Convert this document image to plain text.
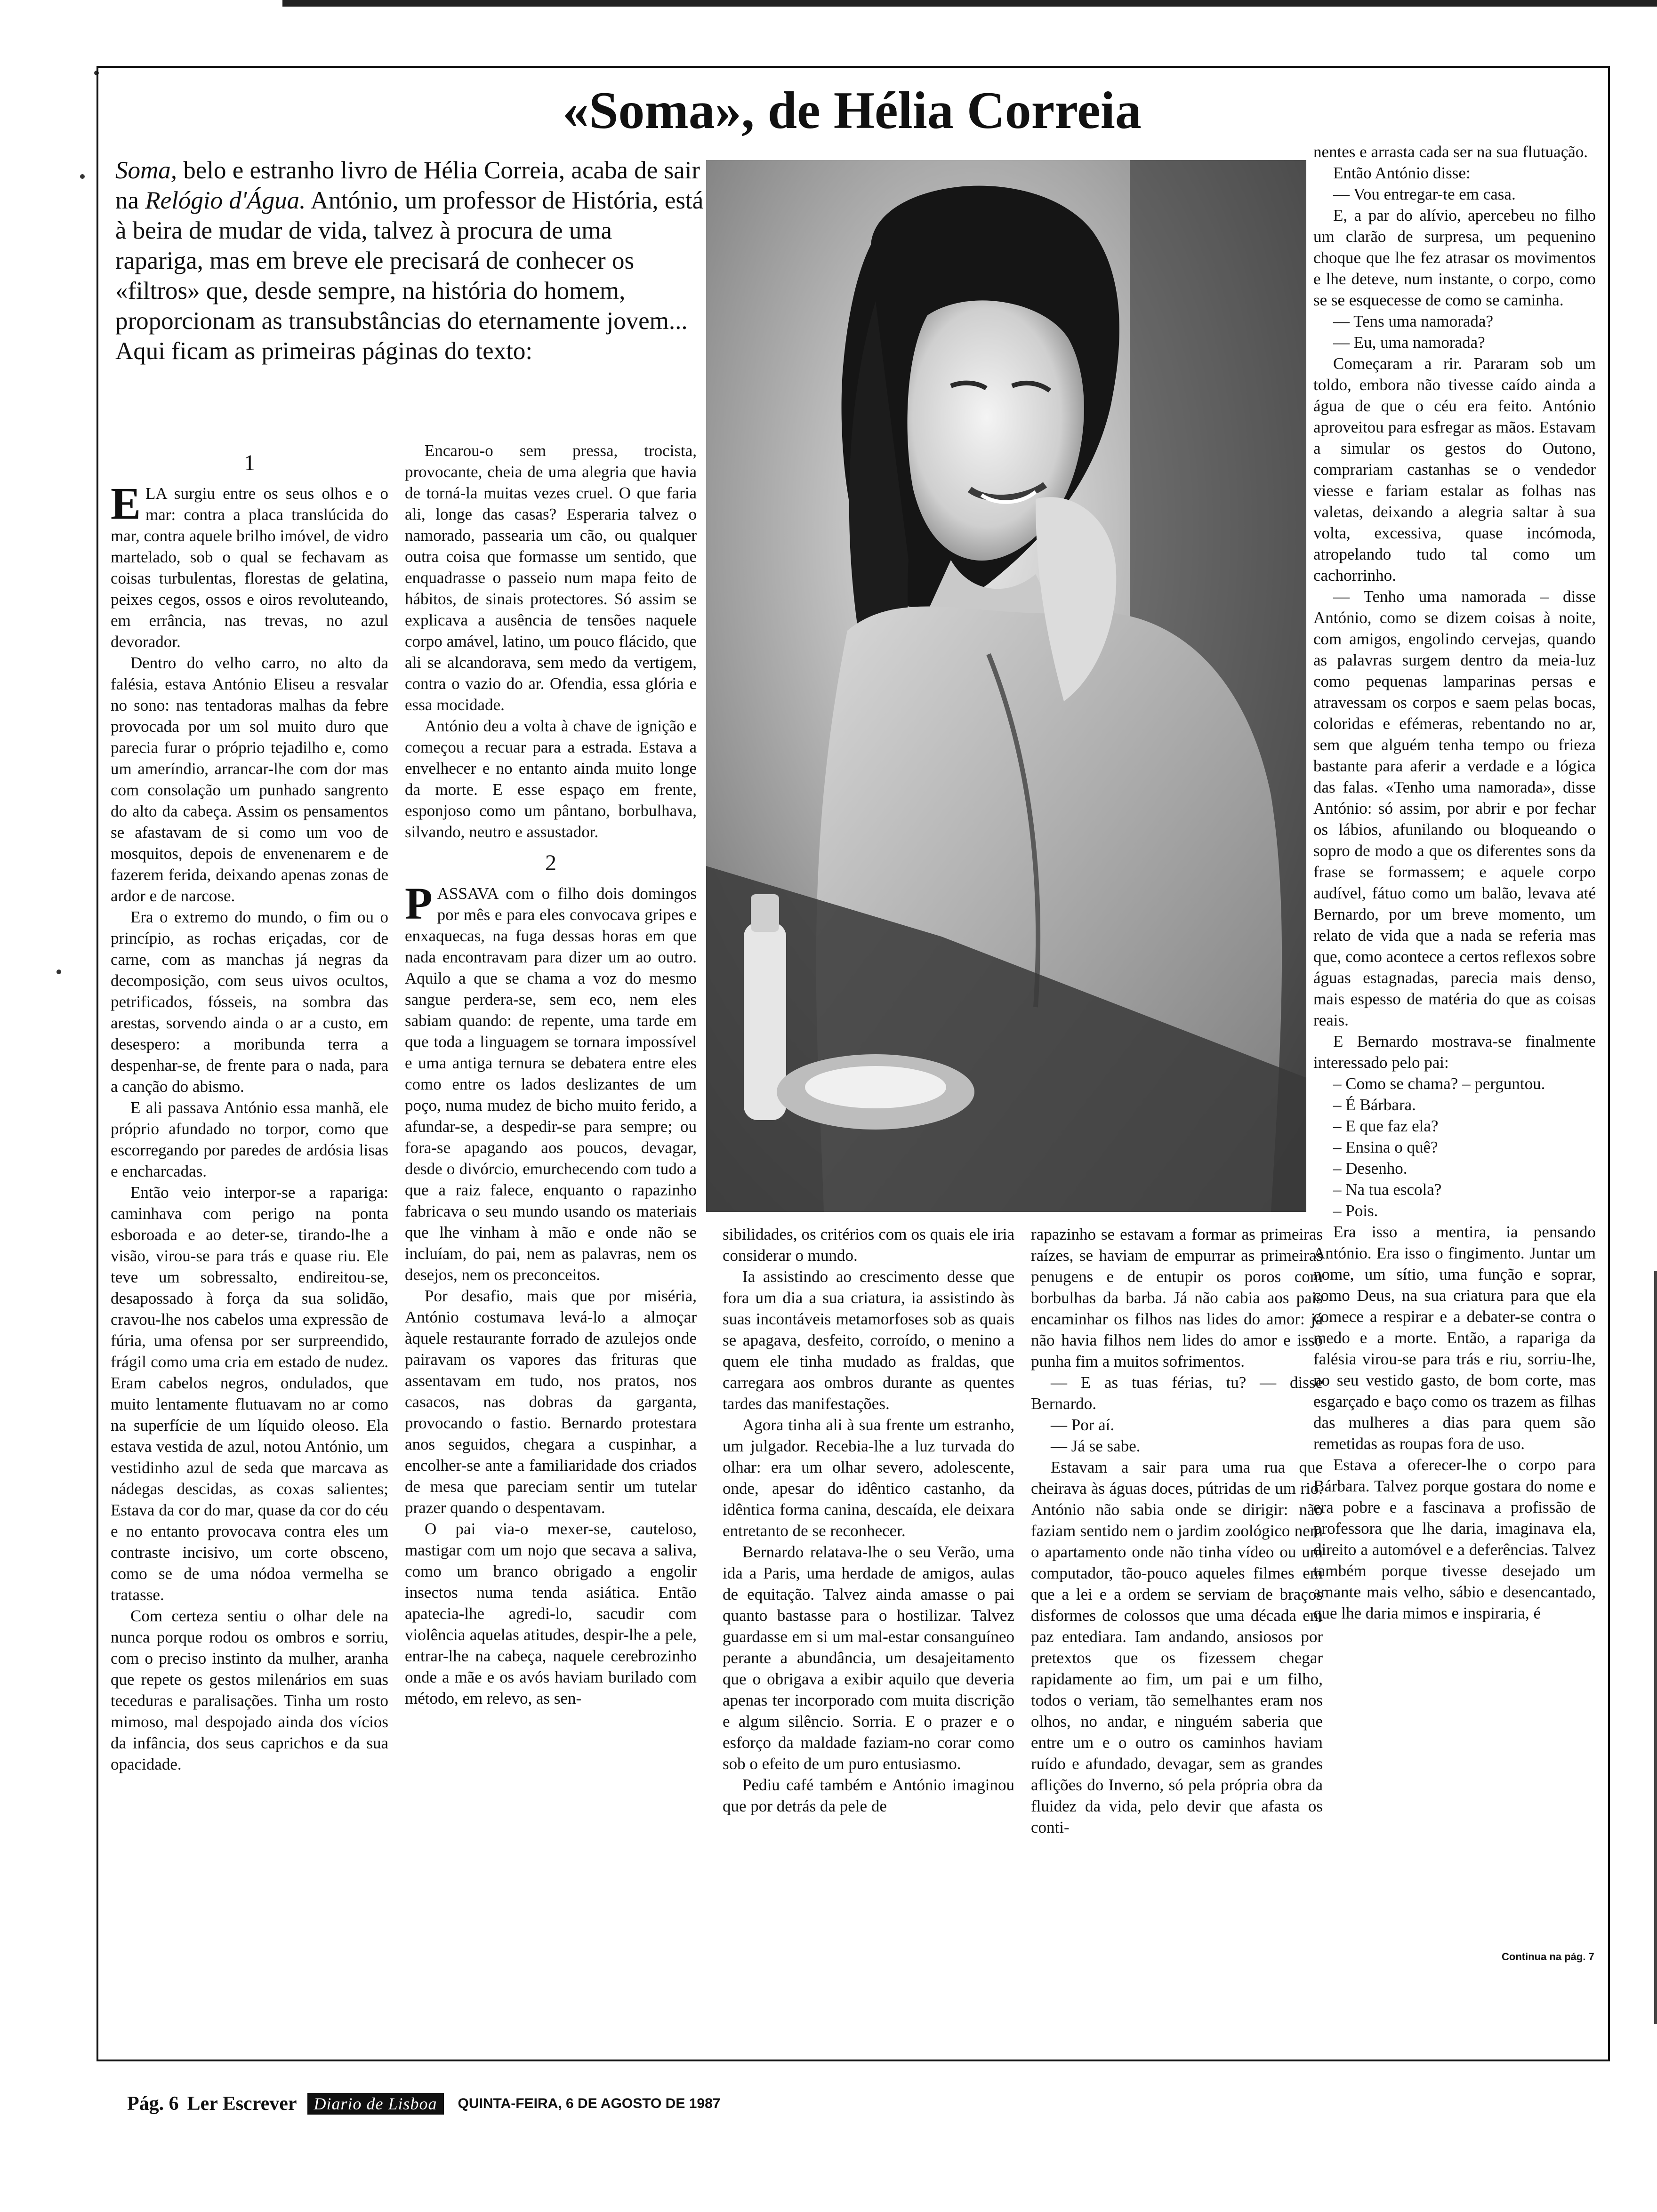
«Soma», de Hélia Correia

Soma, belo e estranho livro de Hélia Correia, acaba de sair na Relógio d'Água. António, um professor de História, está à beira de mudar de vida, talvez à procura de uma rapariga, mas em breve ele precisará de conhecer os «filtros» que, desde sempre, na história do homem, proporcionam as transubstâncias do eternamente jovem... Aqui ficam as primeiras páginas do texto:

1

ELA surgiu entre os seus olhos e o mar: contra a placa translúcida do mar, contra aquele brilho imóvel, de vidro martelado, sob o qual se fechavam as coisas turbulentas, florestas de gelatina, peixes cegos, ossos e oiros revoluteando, em errância, nas trevas, no azul devorador.

Dentro do velho carro, no alto da falésia, estava António Eliseu a resvalar no sono: nas tentadoras malhas da febre provocada por um sol muito duro que parecia furar o próprio tejadilho e, como um ameríndio, arrancar-lhe com dor mas com consolação um punhado sangrento do alto da cabeça. Assim os pensamentos se afastavam de si como um voo de mosquitos, depois de envenenarem e de fazerem ferida, deixando apenas zonas de ardor e de narcose.

Era o extremo do mundo, o fim ou o princípio, as rochas eriçadas, cor de carne, com as manchas já negras da decomposição, com seus uivos ocultos, petrificados, fósseis, na sombra das arestas, sorvendo ainda o ar a custo, em desespero: a moribunda terra a despenhar-se, de frente para o nada, para a canção do abismo.

E ali passava António essa manhã, ele próprio afundado no torpor, como que escorregando por paredes de ardósia lisas e encharcadas.

Então veio interpor-se a rapariga: caminhava com perigo na ponta esboroada e ao deter-se, tirando-lhe a visão, virou-se para trás e quase riu. Ele teve um sobressalto, endireitou-se, desapossado à força da sua solidão, cravou-lhe nos cabelos uma expressão de fúria, uma ofensa por ser surpreendido, frágil como uma cria em estado de nudez. Eram cabelos negros, ondulados, que muito lentamente flutuavam no ar como na superfície de um líquido oleoso. Ela estava vestida de azul, notou António, um vestidinho azul de seda que marcava as nádegas descidas, as coxas salientes; Estava da cor do mar, quase da cor do céu e no entanto provocava contra eles um contraste incisivo, um corte obsceno, como se de uma nódoa vermelha se tratasse.

Com certeza sentiu o olhar dele na nunca porque rodou os ombros e sorriu, com o preciso instinto da mulher, aranha que repete os gestos milenários em suas teceduras e paralisações. Tinha um rosto mimoso, mal despojado ainda dos vícios da infância, dos seus caprichos e da sua opacidade.

Encarou-o sem pressa, trocista, provocante, cheia de uma alegria que havia de torná-la muitas vezes cruel. O que faria ali, longe das casas? Esperaria talvez o namorado, passearia um cão, ou qualquer outra coisa que formasse um sentido, que enquadrasse o passeio num mapa feito de hábitos, de sinais protectores. Só assim se explicava a ausência de tensões naquele corpo amável, latino, um pouco flácido, que ali se alcandorava, sem medo da vertigem, contra o vazio do ar. Ofendia, essa glória e essa mocidade.

António deu a volta à chave de ignição e começou a recuar para a estrada. Estava a envelhecer e no entanto ainda muito longe da morte. E esse espaço em frente, esponjoso como um pântano, borbulhava, silvando, neutro e assustador.

2

PASSAVA com o filho dois domingos por mês e para eles convocava gripes e enxaquecas, na fuga dessas horas em que nada encontravam para dizer um ao outro. Aquilo a que se chama a voz do mesmo sangue perdera-se, sem eco, nem eles sabiam quando: de repente, uma tarde em que toda a linguagem se tornara impossível e uma antiga ternura se debatera entre eles como entre os lados deslizantes de um poço, numa mudez de bicho muito ferido, a afundar-se, a despedir-se para sempre; ou fora-se apagando aos poucos, devagar, desde o divórcio, emurchecendo com tudo a que a raiz falece, enquanto o rapazinho fabricava o seu mundo usando os materiais que lhe vinham à mão e onde não se incluíam, do pai, nem as palavras, nem os desejos, nem os preconceitos.

Por desafio, mais que por miséria, António costumava levá-lo a almoçar àquele restaurante forrado de azulejos onde pairavam os vapores das frituras que assentavam em tudo, nos pratos, nos casacos, nas dobras da garganta, provocando o fastio. Bernardo protestara anos seguidos, chegara a cuspinhar, a encolher-se ante a familiaridade dos criados de mesa que pareciam sentir um tutelar prazer quando o despentavam.

O pai via-o mexer-se, cauteloso, mastigar com um nojo que secava a saliva, como um branco obrigado a engolir insectos numa tenda asiática. Então apatecia-lhe agredi-lo, sacudir com violência aquelas atitudes, despir-lhe a pele, entrar-lhe na cabeça, naquele cerebrozinho onde a mãe e os avós haviam burilado com método, em relevo, as sen-

sibilidades, os critérios com os quais ele iria considerar o mundo.

Ia assistindo ao crescimento desse que fora um dia a sua criatura, ia assistindo às suas incontáveis metamorfoses sob as quais se apagava, desfeito, corroído, o menino a quem ele tinha mudado as fraldas, que carregara aos ombros durante as quentes tardes das manifestações.

Agora tinha ali à sua frente um estranho, um julgador. Recebia-lhe a luz turvada do olhar: era um olhar severo, adolescente, onde, apesar do idêntico castanho, da idêntica forma canina, descaída, ele deixara entretanto de se reconhecer.

Bernardo relatava-lhe o seu Verão, uma ida a Paris, uma herdade de amigos, aulas de equitação. Talvez ainda amasse o pai quanto bastasse para o hostilizar. Talvez guardasse em si um mal-estar consanguíneo perante a abundância, um desajeitamento que o obrigava a exibir aquilo que deveria apenas ter incorporado com muita discrição e algum silêncio. Sorria. E o prazer e o esforço da maldade faziam-no corar como sob o efeito de um puro entusiasmo.

Pediu café também e António imaginou que por detrás da pele de

rapazinho se estavam a formar as primeiras raízes, se haviam de empurrar as primeiras penugens e de entupir os poros com borbulhas da barba. Já não cabia aos pais encaminhar os filhos nas lides do amor: já não havia filhos nem lides do amor e isso punha fim a muitos sofrimentos.

— E as tuas férias, tu? — disse Bernardo.

— Por aí.

— Já se sabe.

Estavam a sair para uma rua que cheirava às águas doces, pútridas de um rio. António não sabia onde se dirigir: não faziam sentido nem o jardim zoológico nem o apartamento onde não tinha vídeo ou um computador, tão-pouco aqueles filmes em que a lei e a ordem se serviam de braços disformes de colossos que uma década em paz entediara. Iam andando, ansiosos por pretextos que os fizessem chegar rapidamente ao fim, um pai e um filho, todos o veriam, tão semelhantes eram nos olhos, no andar, e ninguém saberia que entre um e o outro os caminhos haviam ruído e afundado, devagar, sem as grandes aflições do Inverno, só pela própria obra da fluidez da vida, pelo devir que afasta os conti-

nentes e arrasta cada ser na sua flutuação.

Então António disse:

— Vou entregar-te em casa.

E, a par do alívio, apercebeu no filho um clarão de surpresa, um pequenino choque que lhe fez atrasar os movimentos e lhe deteve, num instante, o corpo, como se se esquecesse de como se caminha.

— Tens uma namorada?

— Eu, uma namorada?

Começaram a rir. Pararam sob um toldo, embora não tivesse caído ainda a água de que o céu era feito. António aproveitou para esfregar as mãos. Estavam a simular os gestos do Outono, comprariam castanhas se o vendedor viesse e fariam estalar as folhas nas valetas, deixando a alegria saltar à sua volta, excessiva, quase incómoda, atropelando tudo tal como um cachorrinho.

— Tenho uma namorada – disse António, como se dizem coisas à noite, com amigos, engolindo cervejas, quando as palavras surgem dentro da meia-luz como pequenas lamparinas persas e atravessam os corpos e saem pelas bocas, coloridas e efémeras, rebentando no ar, sem que alguém tenha tempo ou frieza bastante para aferir a verdade e a lógica das falas. «Tenho uma namorada», disse António: só assim, por abrir e por fechar os lábios, afunilando ou bloqueando o sopro de modo a que os diferentes sons da frase se formassem; e aquele corpo audível, fátuo como um balão, levava até Bernardo, por um breve momento, um relato de vida que a nada se referia mas que, como acontece a certos reflexos sobre águas estagnadas, parecia mais denso, mais espesso de matéria do que as coisas reais.

E Bernardo mostrava-se finalmente interessado pelo pai:

– Como se chama? – perguntou.

– É Bárbara.

– E que faz ela?

– Ensina o quê?

– Desenho.

– Na tua escola?

– Pois.

Era isso a mentira, ia pensando António. Era isso o fingimento. Juntar um nome, um sítio, uma função e soprar, como Deus, na sua criatura para que ela comece a respirar e a debater-se contra o medo e a morte. Então, a rapariga da falésia virou-se para trás e riu, sorriu-lhe, no seu vestido gasto, de bom corte, mas esgarçado e baço como os trazem as filhas das mulheres a dias para quem são remetidas as roupas fora de uso.

Estava a oferecer-lhe o corpo para Bárbara. Talvez porque gostara do nome e era pobre e a fascinava a profissão de professora que lhe daria, imaginava ela, direito a automóvel e a deferências. Talvez também porque tivesse desejado um amante mais velho, sábio e desencantado, que lhe daria mimos e inspiraria, é

Continua na pág. 7
Pág. 6 Ler Escrever	Diario de Lisboa	QUINTA-FEIRA, 6 DE AGOSTO DE 1987
